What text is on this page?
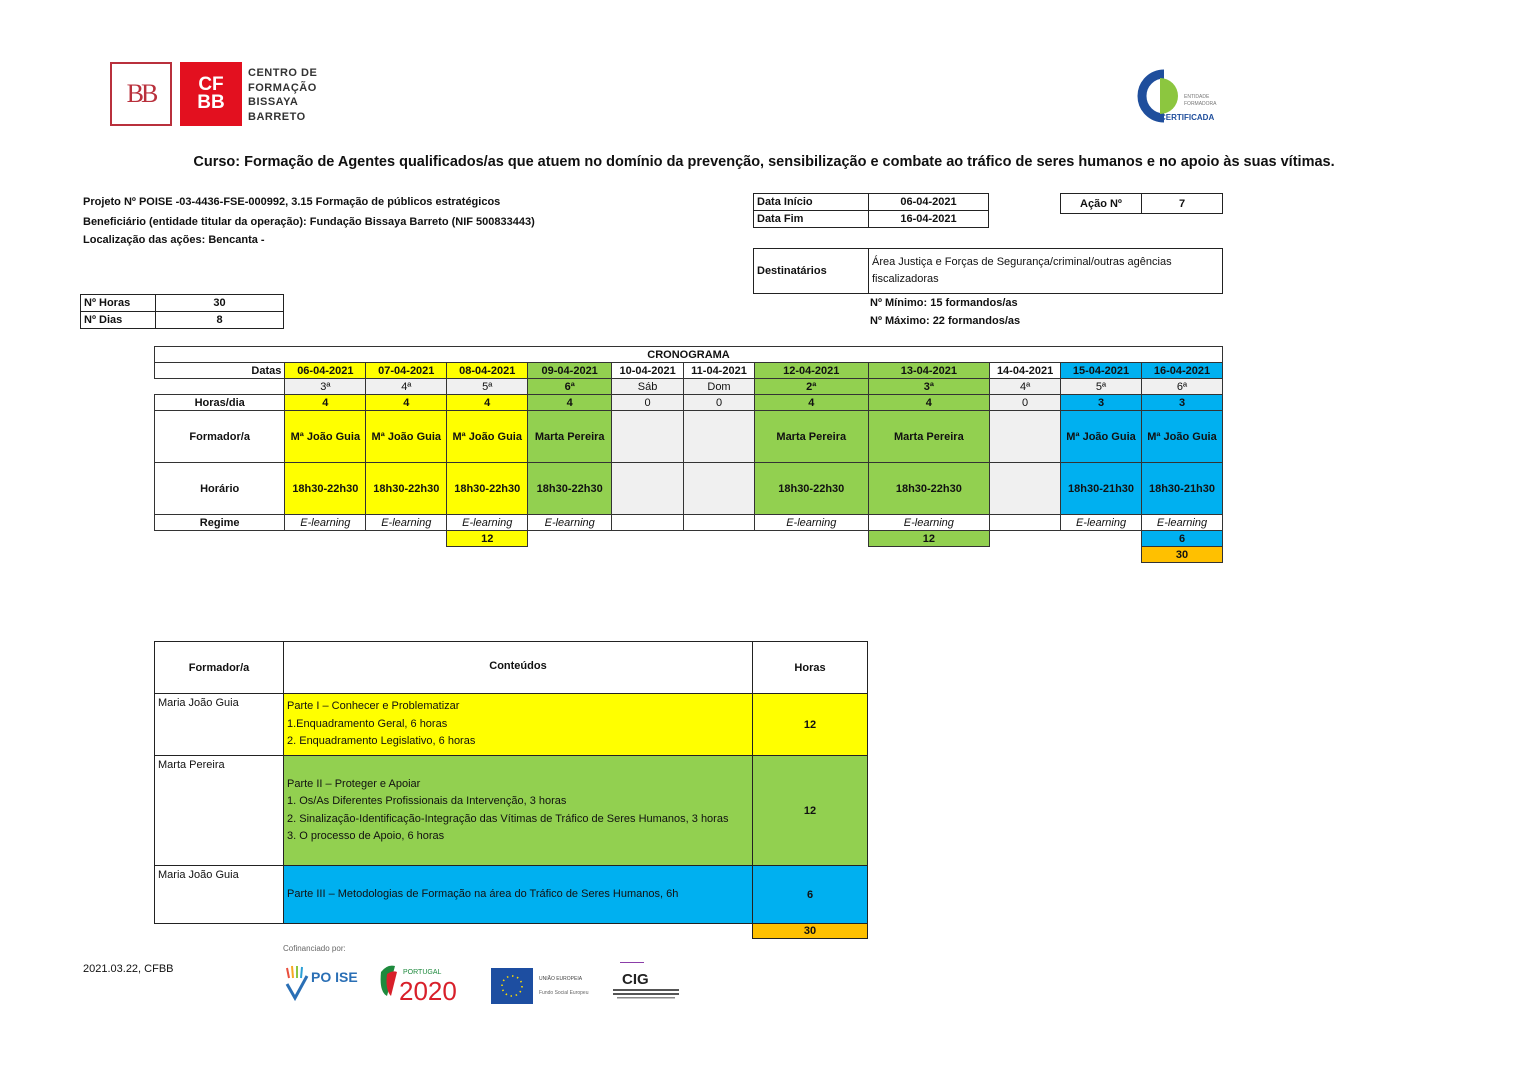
BB CF
BB
CENTRO DE
FORMAÇÃO
BISSAYA
BARRETO
ENTIDADE
FORMADORA
CERTIFICADA
Curso: Formação de Agentes qualificados/as que atuem no domínio da prevenção, sensibilização e combate ao tráfico de seres humanos e no apoio às suas vítimas.
Projeto Nº POISE -03-4436-FSE-000992, 3.15 Formação de públicos estratégicos
Beneficiário (entidade titular da operação): Fundação Bissaya Barreto (NIF 500833443)
Localização das ações: Bencanta -
Nº Horas	30
Nº Dias	8
Data Início	06-04-2021
Data Fim	16-04-2021
Ação Nº	7
Destinatários	Área Justiça e Forças de Segurança/criminal/outras agências fiscalizadoras
Nº Mínimo: 15 formandos/as
Nº Máximo: 22 formandos/as
CRONOGRAMA											
Datas	06-04-2021	07-04-2021	08-04-2021	09-04-2021	10-04-2021	11-04-2021	12-04-2021	13-04-2021	14-04-2021	15-04-2021	16-04-2021
	3ª	4ª	5ª	6ª	Sáb	Dom	2ª	3ª	4ª	5ª	6ª
Horas/dia	4	4	4	4	0	0	4	4	0	3	3
Formador/a	Mª João Guia	Mª João Guia	Mª João Guia	Marta Pereira			Marta Pereira	Marta Pereira		Mª João Guia	Mª João Guia
Horário	18h30-22h30	18h30-22h30	18h30-22h30	18h30-22h30			18h30-22h30	18h30-22h30		18h30-21h30	18h30-21h30
Regime	E-learning	E-learning	E-learning	E-learning			E-learning	E-learning		E-learning	E-learning
			12					12			6
											30
Formador/a	Conteúdos	Horas
Maria João Guia	Parte I – Conhecer e Problematizar
1.Enquadramento Geral, 6 horas
2. Enquadramento Legislativo, 6 horas	12
Marta Pereira	Parte II – Proteger e Apoiar
1. Os/As Diferentes Profissionais da Intervenção, 3 horas
2. Sinalização-Identificação-Integração das Vítimas de Tráfico de Seres Humanos, 3 horas
3. O processo de Apoio, 6 horas	12
Maria João Guia	Parte III – Metodologias de Formação na área do Tráfico de Seres Humanos, 6h	6
		30
2021.03.22, CFBB
Cofinanciado por:
PO ISE	PORTUGAL
2020	UNIÃO EUROPEIA
Fundo Social Europeu
CIG
